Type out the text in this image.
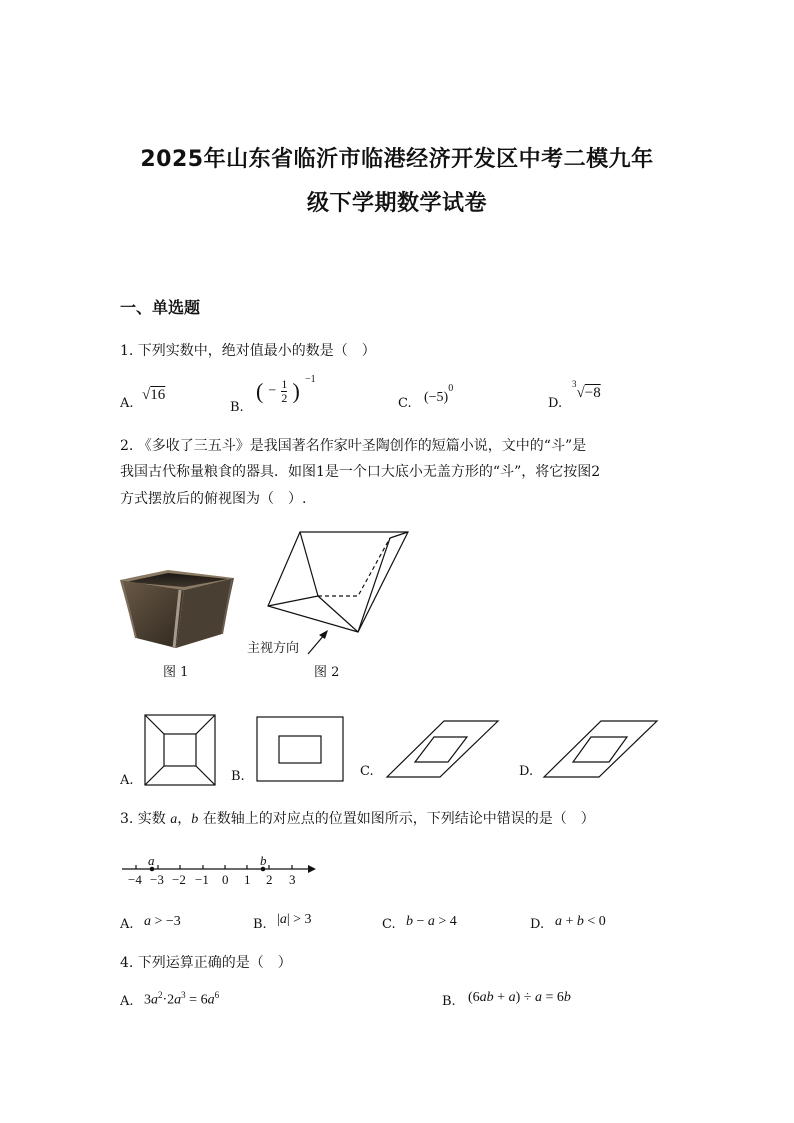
2025年山东省临沂市临港经济开发区中考二模九年
级下学期数学试卷
一、单选题
1. 下列实数中，绝对值最小的数是（　）
A.
√16
B.
( − $\frac{1}{2}$ ) $^{-1}$
C. $(-5)^0$
D.
$^3$√−8
2. 《多收了三五斗》是我国著名作家叶圣陶创作的短篇小说，文中的“斗”是
我国古代称量粮食的器具．如图1是一个口大底小无盖方形的“斗”，将它按图2
方式摆放后的俯视图为（　）.
图 1
主视方向
图 2
A.	B.	C.	D.
3. 实数 a，b 在数轴上的对应点的位置如图所示，下列结论中错误的是（　）
a	b
−4 −3 −2 −1 0 1 2 3
A. a > −3	B. |a| > 3	C. b − a > 4	D. a + b < 0
4. 下列运算正确的是（　）
A. $3a^2\cdot 2a^3 = 6a^6$	B. (6ab + a) ÷ a = 6b
